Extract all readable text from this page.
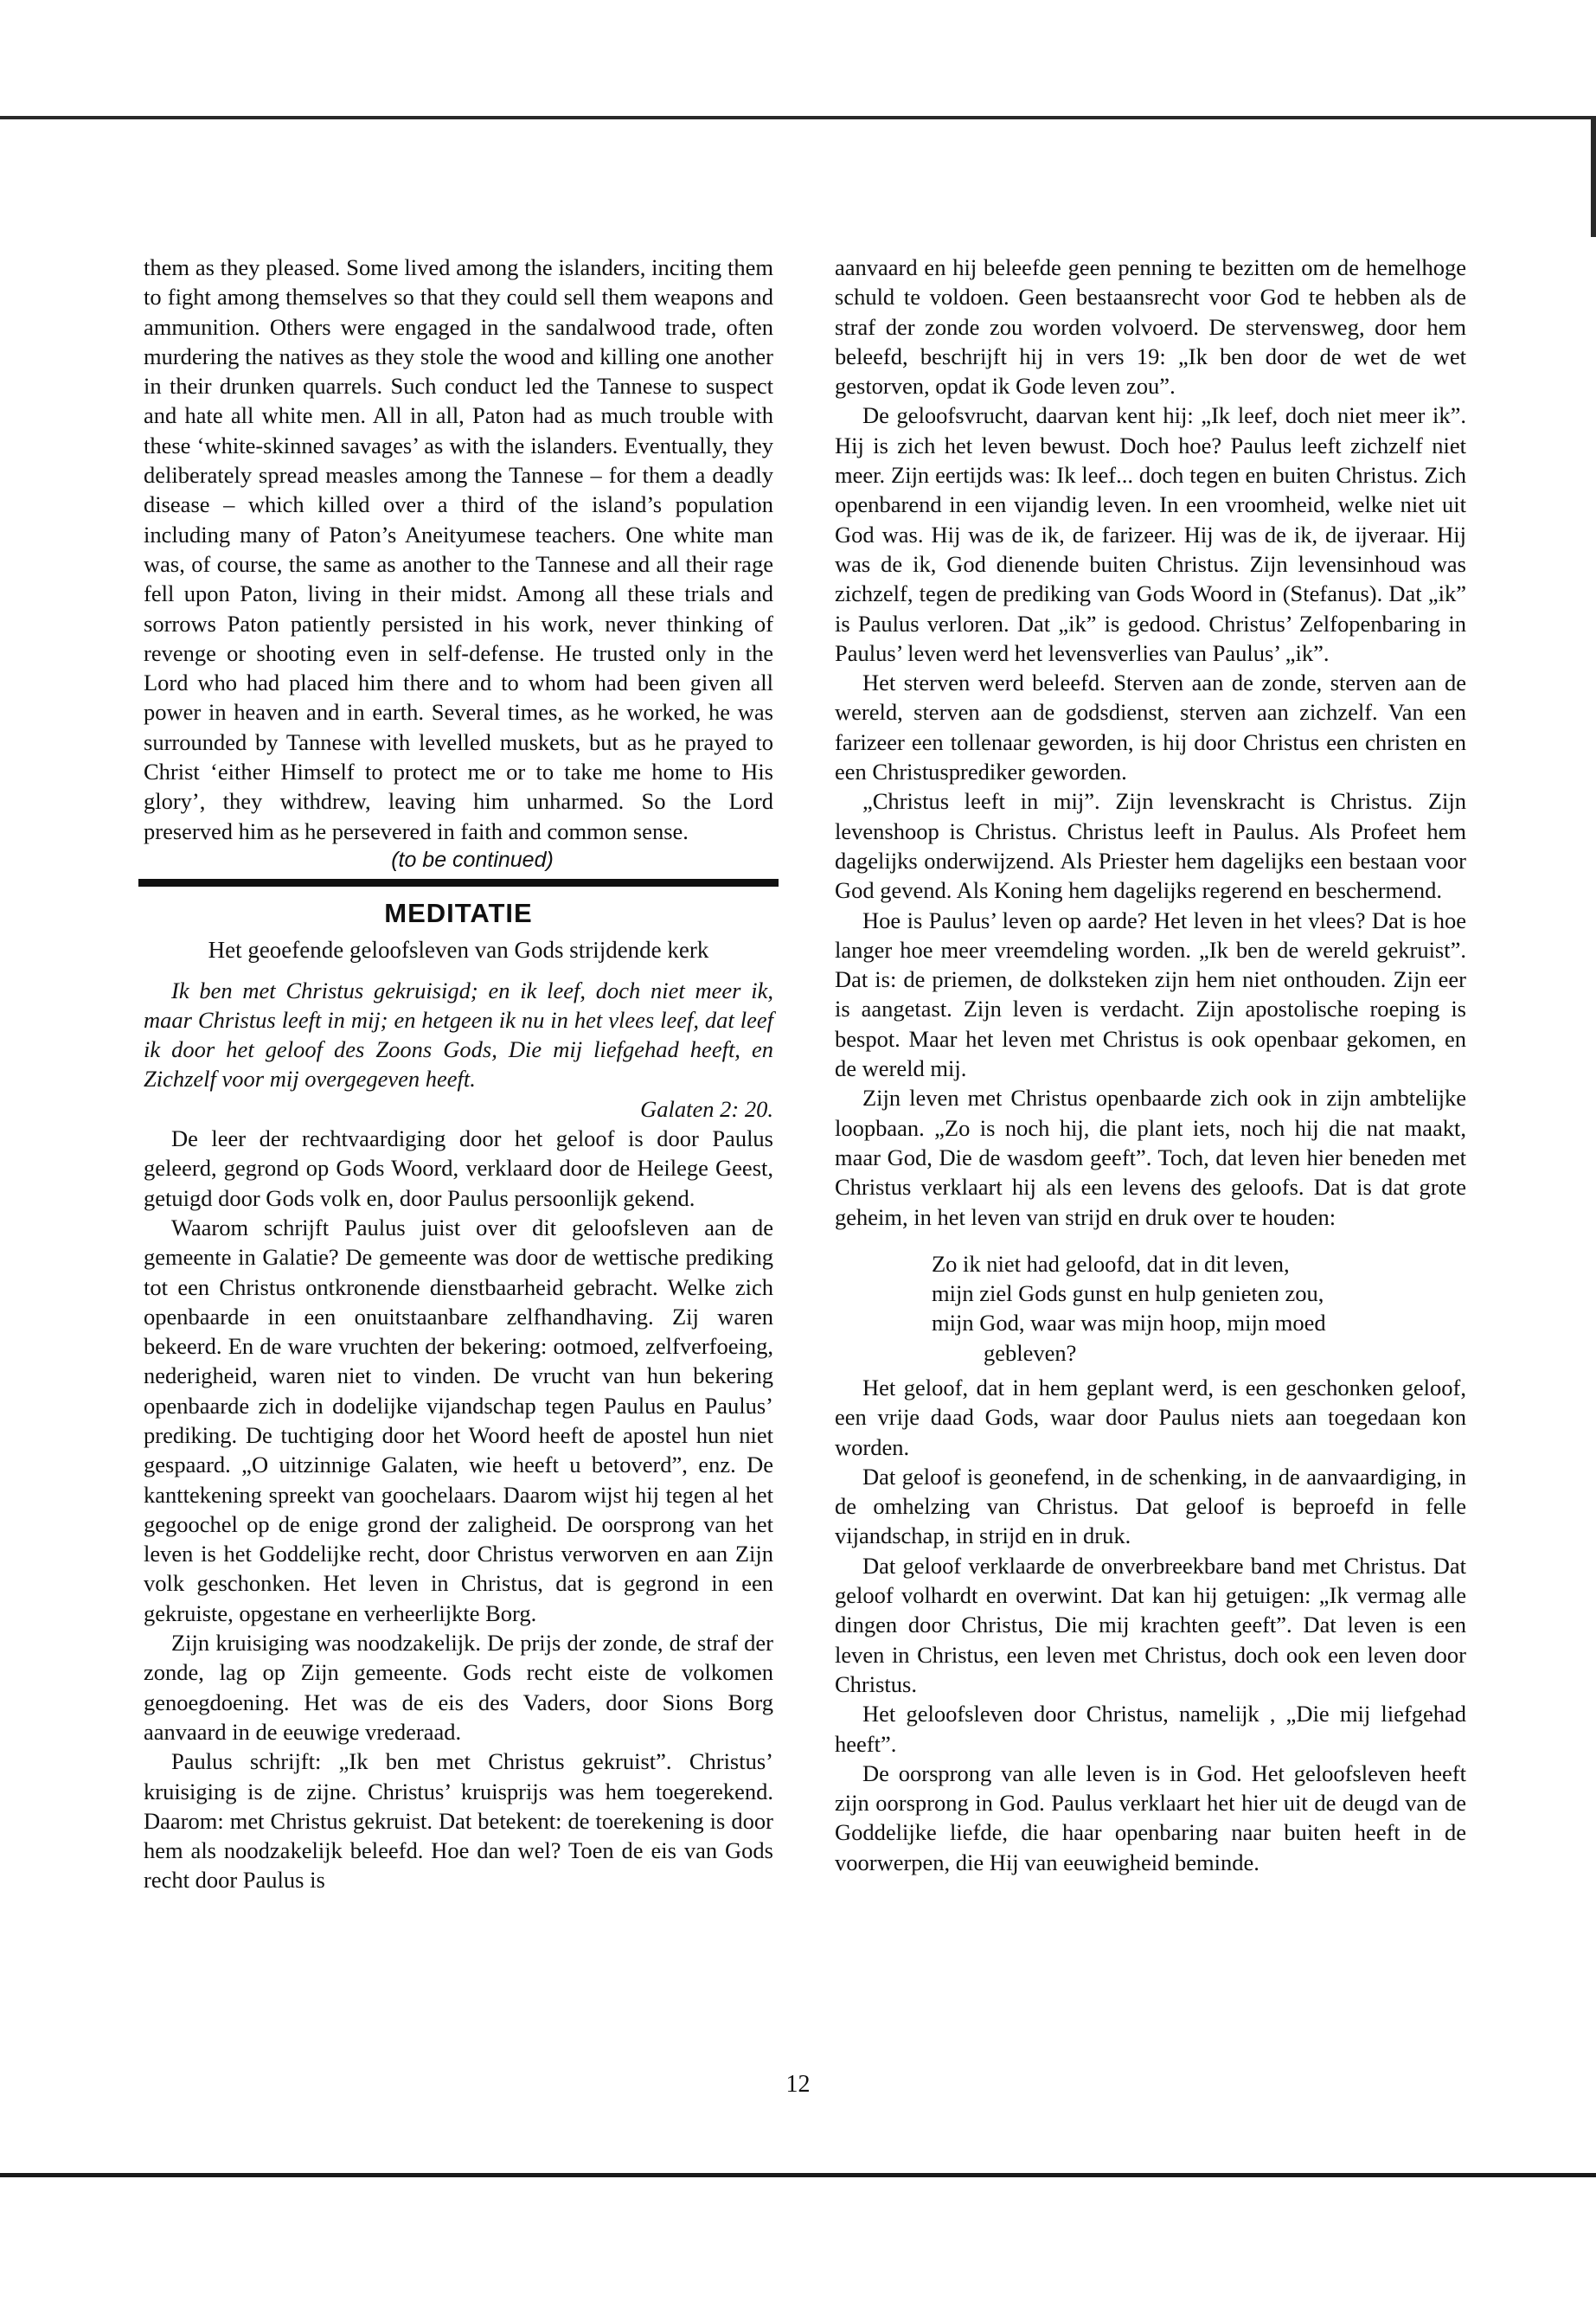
them as they pleased. Some lived among the islanders, inciting them to fight among themselves so that they could sell them weapons and ammunition. Others were engaged in the sandalwood trade, often murdering the natives as they stole the wood and killing one another in their drunken quarrels. Such conduct led the Tannese to suspect and hate all white men. All in all, Paton had as much trouble with these ‘white-skinned savages’ as with the islanders. Eventually, they deliberately spread measles among the Tannese – for them a deadly disease – which killed over a third of the island’s population including many of Paton’s Aneityumese teachers. One white man was, of course, the same as another to the Tannese and all their rage fell upon Paton, living in their midst. Among all these trials and sorrows Paton patiently persisted in his work, never thinking of revenge or shooting even in self-defense. He trusted only in the Lord who had placed him there and to whom had been given all power in heaven and in earth. Several times, as he worked, he was surrounded by Tannese with levelled muskets, but as he prayed to Christ ‘either Himself to protect me or to take me home to His glory’, they withdrew, leaving him unharmed. So the Lord preserved him as he persevered in faith and common sense.

(to be continued)

MEDITATIE
Het geoefende geloofsleven van Gods strijdende kerk

Ik ben met Christus gekruisigd; en ik leef, doch niet meer ik, maar Christus leeft in mij; en hetgeen ik nu in het vlees leef, dat leef ik door het geloof des Zoons Gods, Die mij liefgehad heeft, en Zichzelf voor mij overgegeven heeft.

Galaten 2: 20.

De leer der rechtvaardiging door het geloof is door Paulus geleerd, gegrond op Gods Woord, verklaard door de Heilege Geest, getuigd door Gods volk en, door Paulus persoonlijk gekend.

Waarom schrijft Paulus juist over dit geloofsleven aan de gemeente in Galatie? De gemeente was door de wettische prediking tot een Christus ontkronende dienstbaarheid gebracht. Welke zich openbaarde in een onuitstaanbare zelfhandhaving. Zij waren bekeerd. En de ware vruchten der bekering: ootmoed, zelfverfoeing, nederigheid, waren niet to vinden. De vrucht van hun bekering openbaarde zich in dodelijke vijandschap tegen Paulus en Paulus’ prediking. De tuchtiging door het Woord heeft de apostel hun niet gespaard. „O uitzinnige Galaten, wie heeft u betoverd”, enz. De kanttekening spreekt van goochelaars. Daarom wijst hij tegen al het gegoochel op de enige grond der zaligheid. De oorsprong van het leven is het Goddelijke recht, door Christus verworven en aan Zijn volk geschonken. Het leven in Christus, dat is gegrond in een gekruiste, opgestane en verheerlijkte Borg.

Zijn kruisiging was noodzakelijk. De prijs der zonde, de straf der zonde, lag op Zijn gemeente. Gods recht eiste de volkomen genoegdoening. Het was de eis des Vaders, door Sions Borg aanvaard in de eeuwige vrederaad.

Paulus schrijft: „Ik ben met Christus gekruist”. Christus’ kruisiging is de zijne. Christus’ kruisprijs was hem toegerekend. Daarom: met Christus gekruist. Dat betekent: de toerekening is door hem als noodzakelijk beleefd. Hoe dan wel? Toen de eis van Gods recht door Paulus is

aanvaard en hij beleefde geen penning te bezitten om de hemelhoge schuld te voldoen. Geen bestaansrecht voor God te hebben als de straf der zonde zou worden volvoerd. De stervensweg, door hem beleefd, beschrijft hij in vers 19: „Ik ben door de wet de wet gestorven, opdat ik Gode leven zou”.

De geloofsvrucht, daarvan kent hij: „Ik leef, doch niet meer ik”. Hij is zich het leven bewust. Doch hoe? Paulus leeft zichzelf niet meer. Zijn eertijds was: Ik leef... doch tegen en buiten Christus. Zich openbarend in een vijandig leven. In een vroomheid, welke niet uit God was. Hij was de ik, de farizeer. Hij was de ik, de ijveraar. Hij was de ik, God dienende buiten Christus. Zijn levensinhoud was zichzelf, tegen de prediking van Gods Woord in (Stefanus). Dat „ik” is Paulus verloren. Dat „ik” is gedood. Christus’ Zelfopenbaring in Paulus’ leven werd het levensverlies van Paulus’ „ik”.

Het sterven werd beleefd. Sterven aan de zonde, sterven aan de wereld, sterven aan de godsdienst, sterven aan zichzelf. Van een farizeer een tollenaar geworden, is hij door Christus een christen en een Christusprediker geworden.

„Christus leeft in mij”. Zijn levenskracht is Christus. Zijn levenshoop is Christus. Christus leeft in Paulus. Als Profeet hem dagelijks onderwijzend. Als Priester hem dagelijks een bestaan voor God gevend. Als Koning hem dagelijks regerend en beschermend.

Hoe is Paulus’ leven op aarde? Het leven in het vlees? Dat is hoe langer hoe meer vreemdeling worden. „Ik ben de wereld gekruist”. Dat is: de priemen, de dolksteken zijn hem niet onthouden. Zijn eer is aangetast. Zijn leven is verdacht. Zijn apostolische roeping is bespot. Maar het leven met Christus is ook openbaar gekomen, en de wereld mij.

Zijn leven met Christus openbaarde zich ook in zijn ambtelijke loopbaan. „Zo is noch hij, die plant iets, noch hij die nat maakt, maar God, Die de wasdom geeft”. Toch, dat leven hier beneden met Christus verklaart hij als een levens des geloofs. Dat is dat grote geheim, in het leven van strijd en druk over te houden:

Zo ik niet had geloofd, dat in dit leven,
mijn ziel Gods gunst en hulp genieten zou,
mijn God, waar was mijn hoop, mijn moed
gebleven?

Het geloof, dat in hem geplant werd, is een geschonken geloof, een vrije daad Gods, waar door Paulus niets aan toegedaan kon worden.

Dat geloof is geonefend, in de schenking, in de aanvaardiging, in de omhelzing van Christus. Dat geloof is beproefd in felle vijandschap, in strijd en in druk.

Dat geloof verklaarde de onverbreekbare band met Christus. Dat geloof volhardt en overwint. Dat kan hij getuigen: „Ik vermag alle dingen door Christus, Die mij krachten geeft”. Dat leven is een leven in Christus, een leven met Christus, doch ook een leven door Christus.

Het geloofsleven door Christus, namelijk , „Die mij liefgehad heeft”.

De oorsprong van alle leven is in God. Het geloofsleven heeft zijn oorsprong in God. Paulus verklaart het hier uit de deugd van de Goddelijke liefde, die haar openbaring naar buiten heeft in de voorwerpen, die Hij van eeuwigheid beminde.

12
